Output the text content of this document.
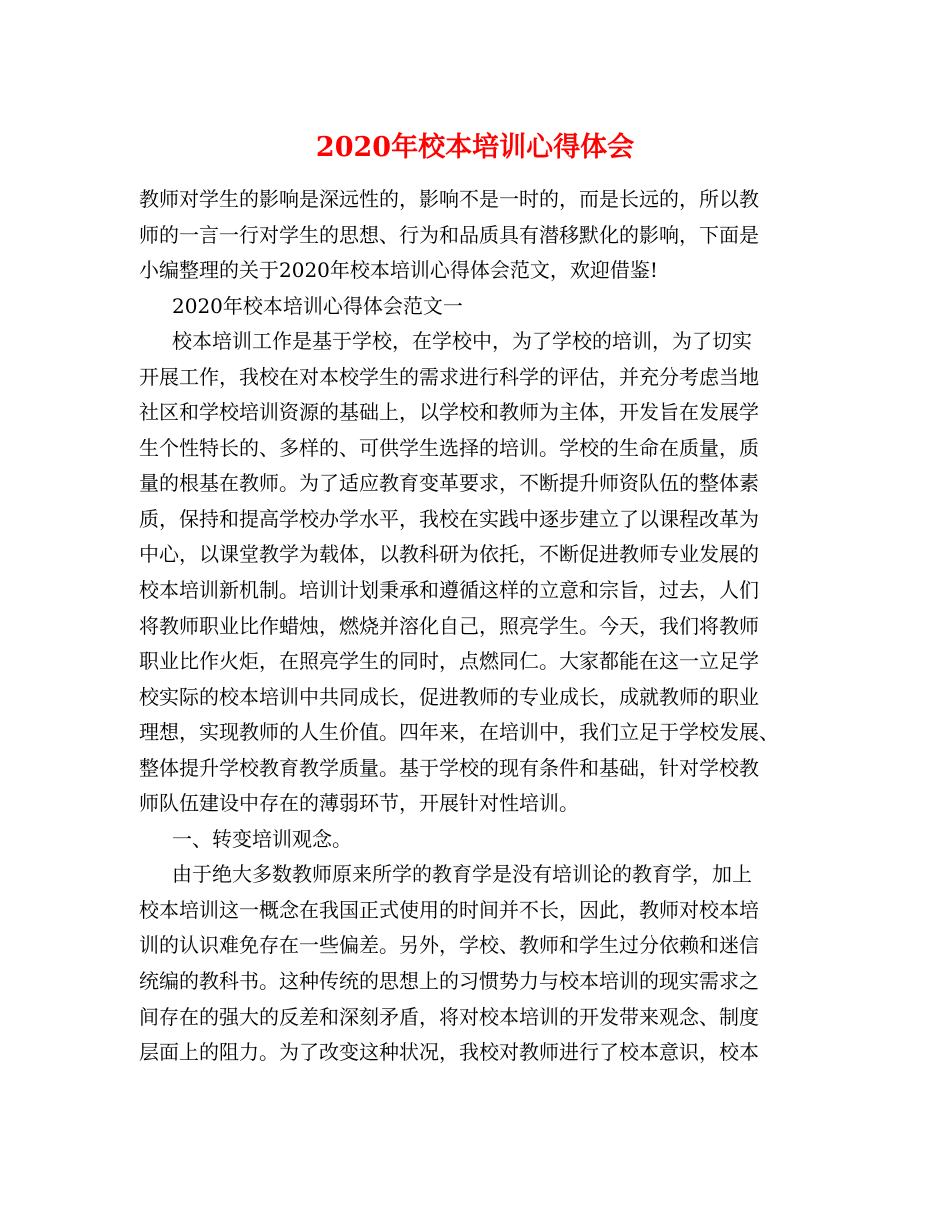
2020年校本培训心得体会
教师对学生的影响是深远性的，影响不是一时的，而是长远的，所以教
师的一言一行对学生的思想、行为和品质具有潜移默化的影响，下面是
小编整理的关于2020年校本培训心得体会范文，欢迎借鉴!
2020年校本培训心得体会范文一
校本培训工作是基于学校，在学校中，为了学校的培训，为了切实
开展工作，我校在对本校学生的需求进行科学的评估，并充分考虑当地
社区和学校培训资源的基础上，以学校和教师为主体，开发旨在发展学
生个性特长的、多样的、可供学生选择的培训。学校的生命在质量，质
量的根基在教师。为了适应教育变革要求，不断提升师资队伍的整体素
质，保持和提高学校办学水平，我校在实践中逐步建立了以课程改革为
中心，以课堂教学为载体，以教科研为依托，不断促进教师专业发展的
校本培训新机制。培训计划秉承和遵循这样的立意和宗旨，过去，人们
将教师职业比作蜡烛，燃烧并溶化自己，照亮学生。今天，我们将教师
职业比作火炬，在照亮学生的同时，点燃同仁。大家都能在这一立足学
校实际的校本培训中共同成长，促进教师的专业成长，成就教师的职业
理想，实现教师的人生价值。四年来，在培训中，我们立足于学校发展、
整体提升学校教育教学质量。基于学校的现有条件和基础，针对学校教
师队伍建设中存在的薄弱环节，开展针对性培训。
一、转变培训观念。
由于绝大多数教师原来所学的教育学是没有培训论的教育学，加上
校本培训这一概念在我国正式使用的时间并不长，因此，教师对校本培
训的认识难免存在一些偏差。另外，学校、教师和学生过分依赖和迷信
统编的教科书。这种传统的思想上的习惯势力与校本培训的现实需求之
间存在的强大的反差和深刻矛盾，将对校本培训的开发带来观念、制度
层面上的阻力。为了改变这种状况，我校对教师进行了校本意识，校本
